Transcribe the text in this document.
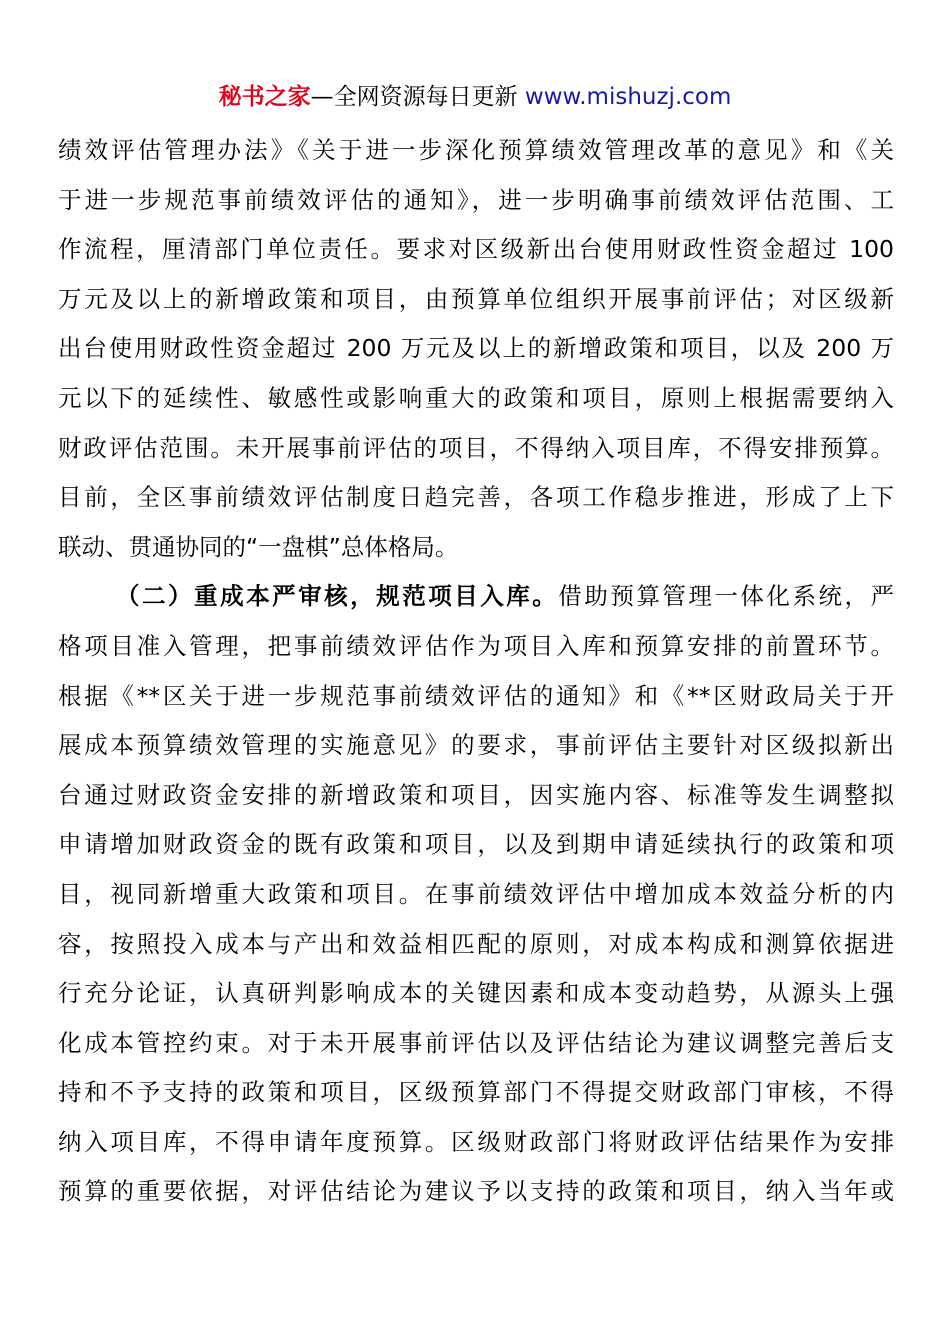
秘书之家—全网资源每日更新 www.mishuzj.com
绩效评估管理办法》《关于进一步深化预算绩效管理改革的意见》和《关
于进一步规范事前绩效评估的通知》，进一步明确事前绩效评估范围、工
作流程，厘清部门单位责任。要求对区级新出台使用财政性资金超过 100
万元及以上的新增政策和项目，由预算单位组织开展事前评估；对区级新
出台使用财政性资金超过 200 万元及以上的新增政策和项目，以及 200 万
元以下的延续性、敏感性或影响重大的政策和项目，原则上根据需要纳入
财政评估范围。未开展事前评估的项目，不得纳入项目库，不得安排预算。
目前，全区事前绩效评估制度日趋完善，各项工作稳步推进，形成了上下
联动、贯通协同的“一盘棋”总体格局。
（二）重成本严审核，规范项目入库。借助预算管理一体化系统，严
格项目准入管理，把事前绩效评估作为项目入库和预算安排的前置环节。
根据《**区关于进一步规范事前绩效评估的通知》和《**区财政局关于开
展成本预算绩效管理的实施意见》的要求，事前评估主要针对区级拟新出
台通过财政资金安排的新增政策和项目，因实施内容、标准等发生调整拟
申请增加财政资金的既有政策和项目，以及到期申请延续执行的政策和项
目，视同新增重大政策和项目。在事前绩效评估中增加成本效益分析的内
容，按照投入成本与产出和效益相匹配的原则，对成本构成和测算依据进
行充分论证，认真研判影响成本的关键因素和成本变动趋势，从源头上强
化成本管控约束。对于未开展事前评估以及评估结论为建议调整完善后支
持和不予支持的政策和项目，区级预算部门不得提交财政部门审核，不得
纳入项目库，不得申请年度预算。区级财政部门将财政评估结果作为安排
预算的重要依据，对评估结论为建议予以支持的政策和项目，纳入当年或
